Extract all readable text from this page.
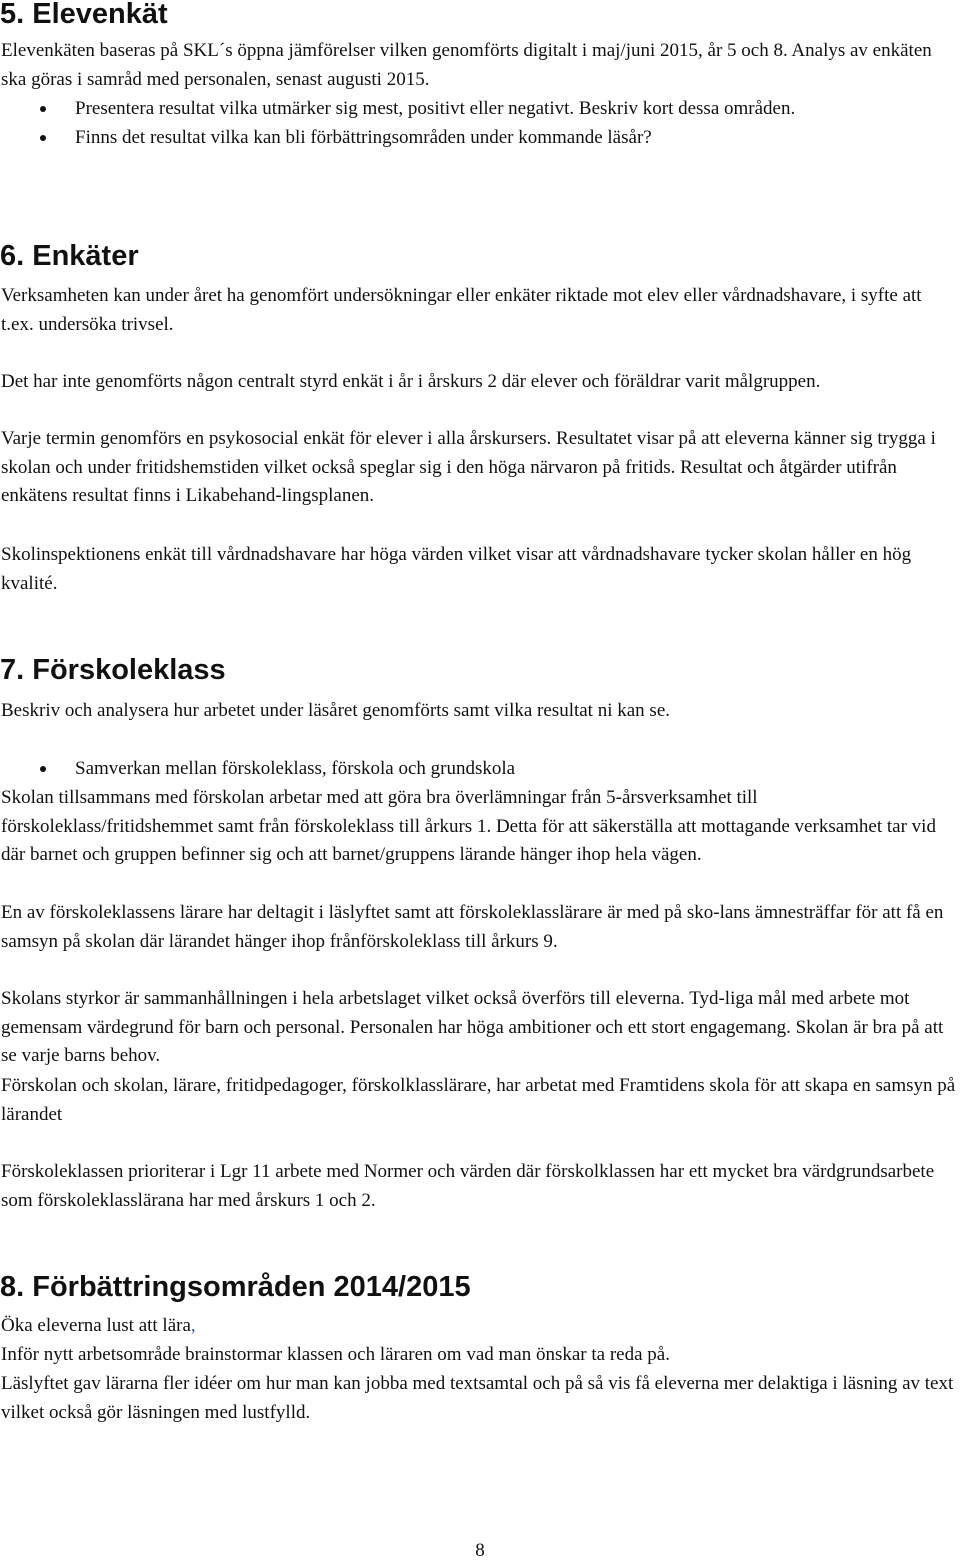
5. Elevenkät

Elevenkäten baseras på SKL´s öppna jämförelser vilken genomförts digitalt i maj/juni 2015, år 5 och 8. Analys av enkäten ska göras i samråd med personalen, senast augusti 2015.

Presentera resultat vilka utmärker sig mest, positivt eller negativt. Beskriv kort dessa områden.
Finns det resultat vilka kan bli förbättringsområden under kommande läsår?
6. Enkäter

Verksamheten kan under året ha genomfört undersökningar eller enkäter riktade mot elev eller vårdnadshavare, i syfte att t.ex. undersöka trivsel.

Det har inte genomförts någon centralt styrd enkät i år i årskurs 2 där elever och föräldrar varit målgruppen.

Varje termin genomförs en psykosocial enkät för elever i alla årskursers. Resultatet visar på att eleverna känner sig trygga i skolan och under fritidshemstiden vilket också speglar sig i den höga närvaron på fritids. Resultat och åtgärder utifrån enkätens resultat finns i Likabehand-lingsplanen.

Skolinspektionens enkät till vårdnadshavare har höga värden vilket visar att vårdnadshavare tycker skolan håller en hög kvalité.

7. Förskoleklass

Beskriv och analysera hur arbetet under läsåret genomförts samt vilka resultat ni kan se.

Samverkan mellan förskoleklass, förskola och grundskola

Skolan tillsammans med förskolan arbetar med att göra bra överlämningar från 5-årsverksamhet till förskoleklass/fritidshemmet samt från förskoleklass till årkurs 1. Detta för att säkerställa att mottagande verksamhet tar vid där barnet och gruppen befinner sig och att barnet/gruppens lärande hänger ihop hela vägen.

En av förskoleklassens lärare har deltagit i läslyftet samt att förskoleklasslärare är med på sko-lans ämnesträffar för att få en samsyn på skolan där lärandet hänger ihop frånförskoleklass till årkurs 9.

Skolans styrkor är sammanhållningen i hela arbetslaget vilket också överförs till eleverna. Tyd-liga mål med arbete mot gemensam värdegrund för barn och personal. Personalen har höga ambitioner och ett stort engagemang. Skolan är bra på att se varje barns behov.

Förskolan och skolan, lärare, fritidpedagoger, förskolklasslärare, har arbetat med Framtidens skola för att skapa en samsyn på lärandet

Förskoleklassen prioriterar i Lgr 11 arbete med Normer och värden där förskolklassen har ett mycket bra värdgrundsarbete som förskoleklasslärana har med årskurs 1 och 2.

8. Förbättringsområden 2014/2015

Öka eleverna lust att lära,

Inför nytt arbetsområde brainstormar klassen och läraren om vad man önskar ta reda på.

Läslyftet gav lärarna fler idéer om hur man kan jobba med textsamtal och på så vis få eleverna mer delaktiga i läsning av text vilket också gör läsningen med lustfylld.

8
